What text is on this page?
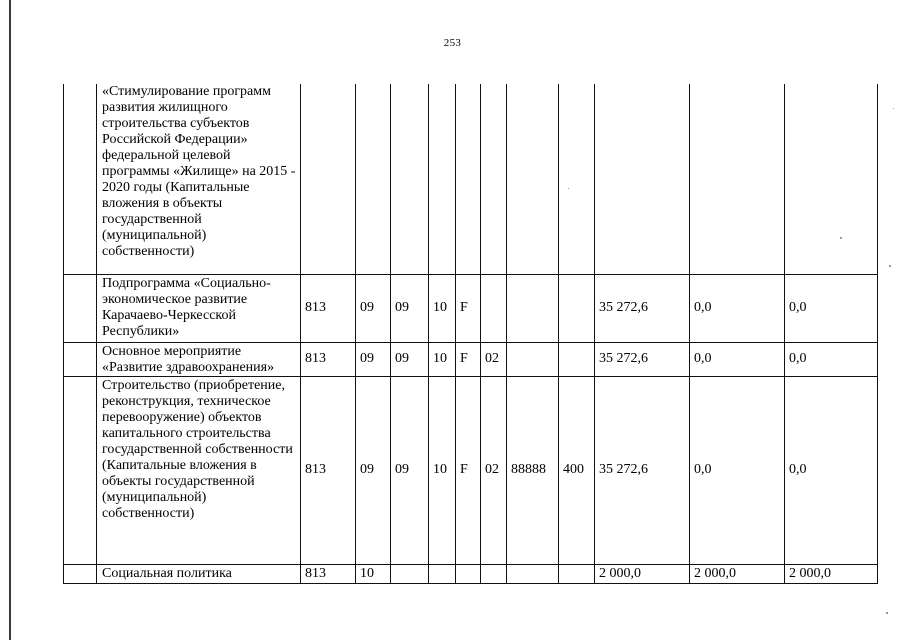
253
	«Стимулирование программ развития жилищного строительства субъектов Российской Федерации» федеральной целевой программы «Жилище» на 2015 - 2020 годы (Капитальные вложения в объекты государственной (муниципальной) собственности)											
	Подпрограмма «Социально-экономическое развитие Карачаево-Черкесской Республики»	813	09	09	10	F				35 272,6	0,0	0,0
	Основное мероприятие «Развитие здравоохранения»	813	09	09	10	F	02			35 272,6	0,0	0,0
	Строительство (приобретение, реконструкция, техническое перевооружение) объектов капитального строительства государственной собственности (Капитальные вложения в объекты государственной (муниципальной) собственности)	813	09	09	10	F	02	88888	400	35 272,6	0,0	0,0
	Социальная политика	813	10							2 000,0	2 000,0	2 000,0
